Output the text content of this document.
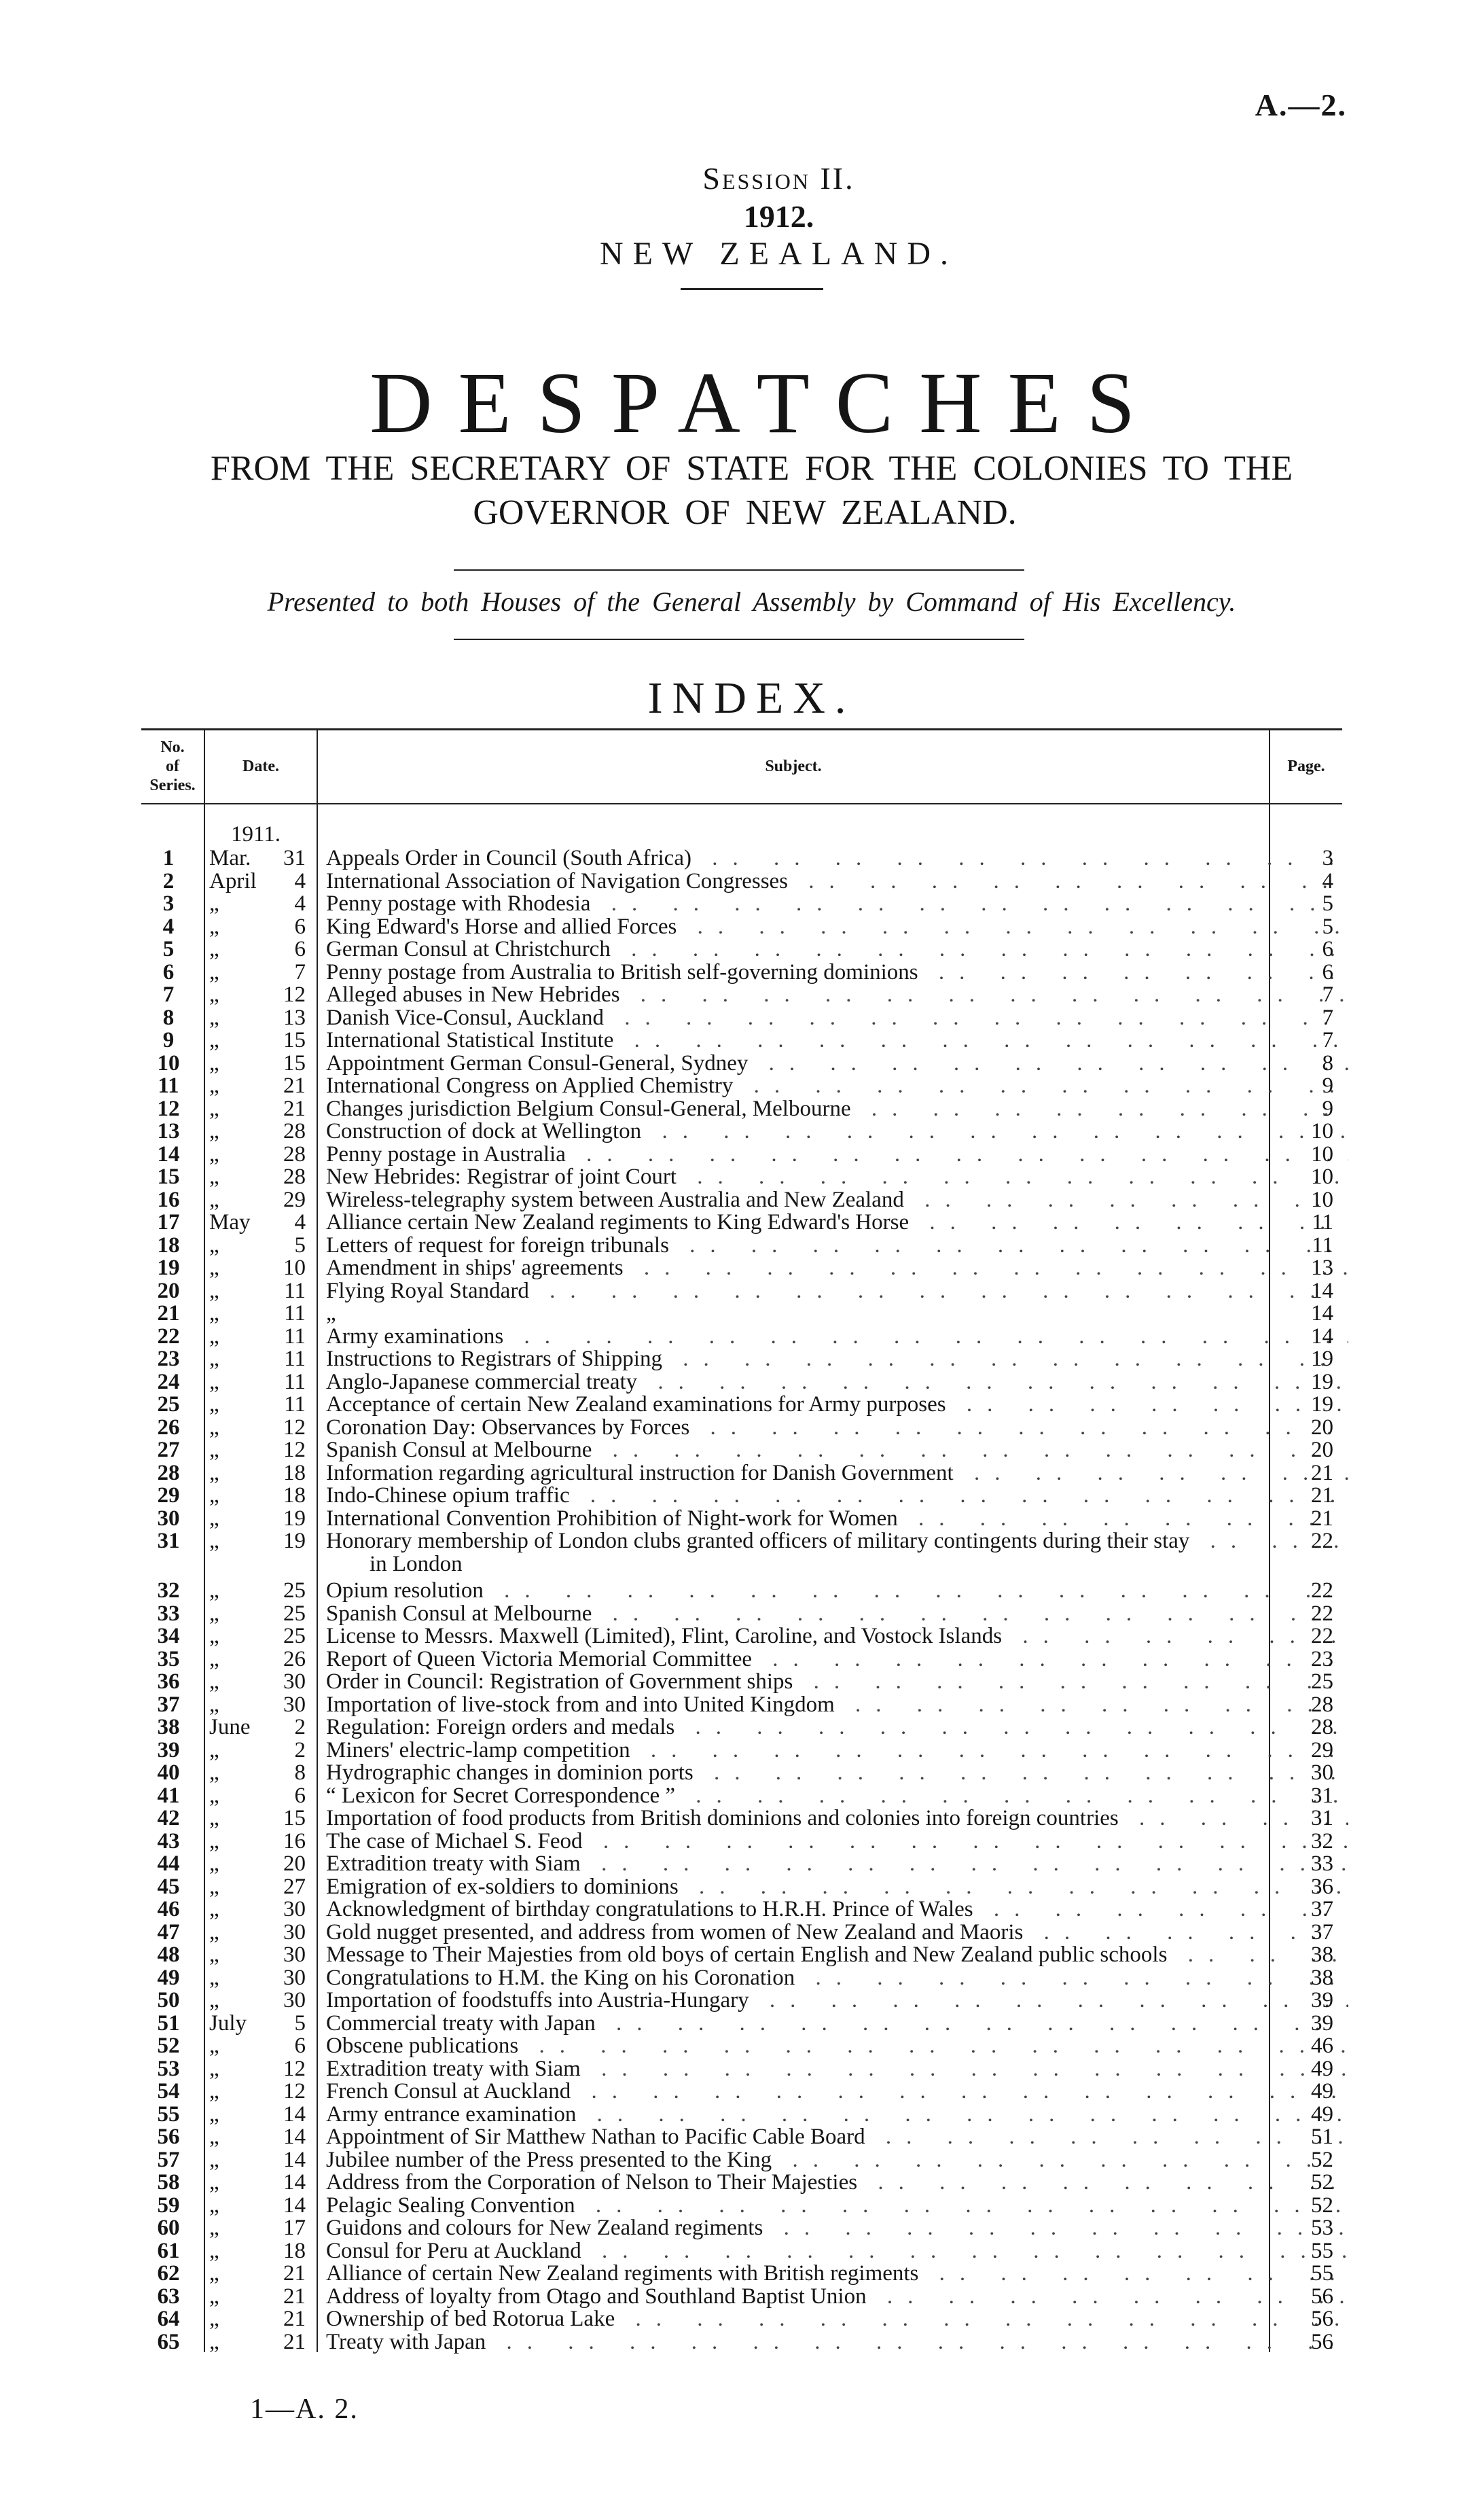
A.—2.
Session II.
1912.
NEW ZEALAND.
DESPATCHES
FROM THE SECRETARY OF STATE FOR THE COLONIES TO THE
GOVERNOR OF NEW ZEALAND.
Presented to both Houses of the General Assembly by Command of His Excellency.
INDEX.
No.
of
Series.
Date.	Subject.	Page.
1911.
1	Mar.	31 Appeals Order in Council (South Africa) .. ..	3
2	April	4 International Association of Navigation Congresses .. ..	4
3	„	4 Penny postage with Rhodesia .. ..	5
4	„	6 King Edward's Horse and allied Forces .. ..	5
5	„	6 German Consul at Christchurch .. ..	6
6	„	7 Penny postage from Australia to British self-governing dominions .. ..	6
7	„	12 Alleged abuses in New Hebrides .. ..	7
8	„	13 Danish Vice-Consul, Auckland .. ..	7
9	„	15 International Statistical Institute .. ..	7
10	„	15 Appointment German Consul-General, Sydney .. ..	8
11	„	21 International Congress on Applied Chemistry .. ..	9
12	„	21 Changes jurisdiction Belgium Consul-General, Melbourne .. ..	9
13	„	28 Construction of dock at Wellington .. ..	10
14	„	28 Penny postage in Australia .. ..	10
15	„	28 New Hebrides: Registrar of joint Court .. ..	10
16	„	29 Wireless-telegraphy system between Australia and New Zealand .. ..	10
17	May	4 Alliance certain New Zealand regiments to King Edward's Horse .. ..	11
18	„	5 Letters of request for foreign tribunals .. ..	11
19	„	10 Amendment in ships' agreements .. ..	13
20	„	11 Flying Royal Standard .. ..	14
21	„	11 „	14
22	„	11 Army examinations .. ..	14
23	„	11 Instructions to Registrars of Shipping .. ..	19
24	„	11 Anglo-Japanese commercial treaty .. ..	19
25	„	11 Acceptance of certain New Zealand examinations for Army purposes .. ..	19
26	„	12 Coronation Day: Observances by Forces .. ..	20
27	„	12 Spanish Consul at Melbourne .. ..	20
28	„	18 Information regarding agricultural instruction for Danish Government .. ..	21
29	„	18 Indo-Chinese opium traffic .. ..	21
30	„	19 International Convention Prohibition of Night-work for Women .. ..	21
31	„	19 Honorary membership of London clubs granted officers of military contingents during their stay .. ..	22
in London
32	„	25 Opium resolution .. ..	22
33	„	25 Spanish Consul at Melbourne .. ..	22
34	„	25 License to Messrs. Maxwell (Limited), Flint, Caroline, and Vostock Islands .. ..	22
35	„	26 Report of Queen Victoria Memorial Committee .. ..	23
36	„	30 Order in Council: Registration of Government ships .. ..	25
37	„	30 Importation of live-stock from and into United Kingdom .. ..	28
38	June	2 Regulation: Foreign orders and medals .. ..	28
39	„	2 Miners' electric-lamp competition .. ..	29
40	„	8 Hydrographic changes in dominion ports .. ..	30
41	„	6 “ Lexicon for Secret Correspondence ” .. ..	31
42	„	15 Importation of food products from British dominions and colonies into foreign countries .. ..	31
43	„	16 The case of Michael S. Feod .. ..	32
44	„	20 Extradition treaty with Siam .. ..	33
45	„	27 Emigration of ex-soldiers to dominions .. ..	36
46	„	30 Acknowledgment of birthday congratulations to H.R.H. Prince of Wales .. ..	37
47	„	30 Gold nugget presented, and address from women of New Zealand and Maoris .. ..	37
48	„	30 Message to Their Majesties from old boys of certain English and New Zealand public schools .. ..	38
49	„	30 Congratulations to H.M. the King on his Coronation .. ..	38
50	„	30 Importation of foodstuffs into Austria-Hungary .. ..	39
51	July	5 Commercial treaty with Japan .. ..	39
52	„	6 Obscene publications .. ..	46
53	„	12 Extradition treaty with Siam .. ..	49
54	„	12 French Consul at Auckland .. ..	49
55	„	14 Army entrance examination .. ..	49
56	„	14 Appointment of Sir Matthew Nathan to Pacific Cable Board .. ..	51
57	„	14 Jubilee number of the Press presented to the King .. ..	52
58	„	14 Address from the Corporation of Nelson to Their Majesties .. ..	52
59	„	14 Pelagic Sealing Convention .. ..	52
60	„	17 Guidons and colours for New Zealand regiments .. ..	53
61	„	18 Consul for Peru at Auckland .. ..	55
62	„	21 Alliance of certain New Zealand regiments with British regiments .. ..	55
63	„	21 Address of loyalty from Otago and Southland Baptist Union .. ..	56
64	„	21 Ownership of bed Rotorua Lake .. ..	56
65	„	21 Treaty with Japan .. ..	56
1—A. 2.
